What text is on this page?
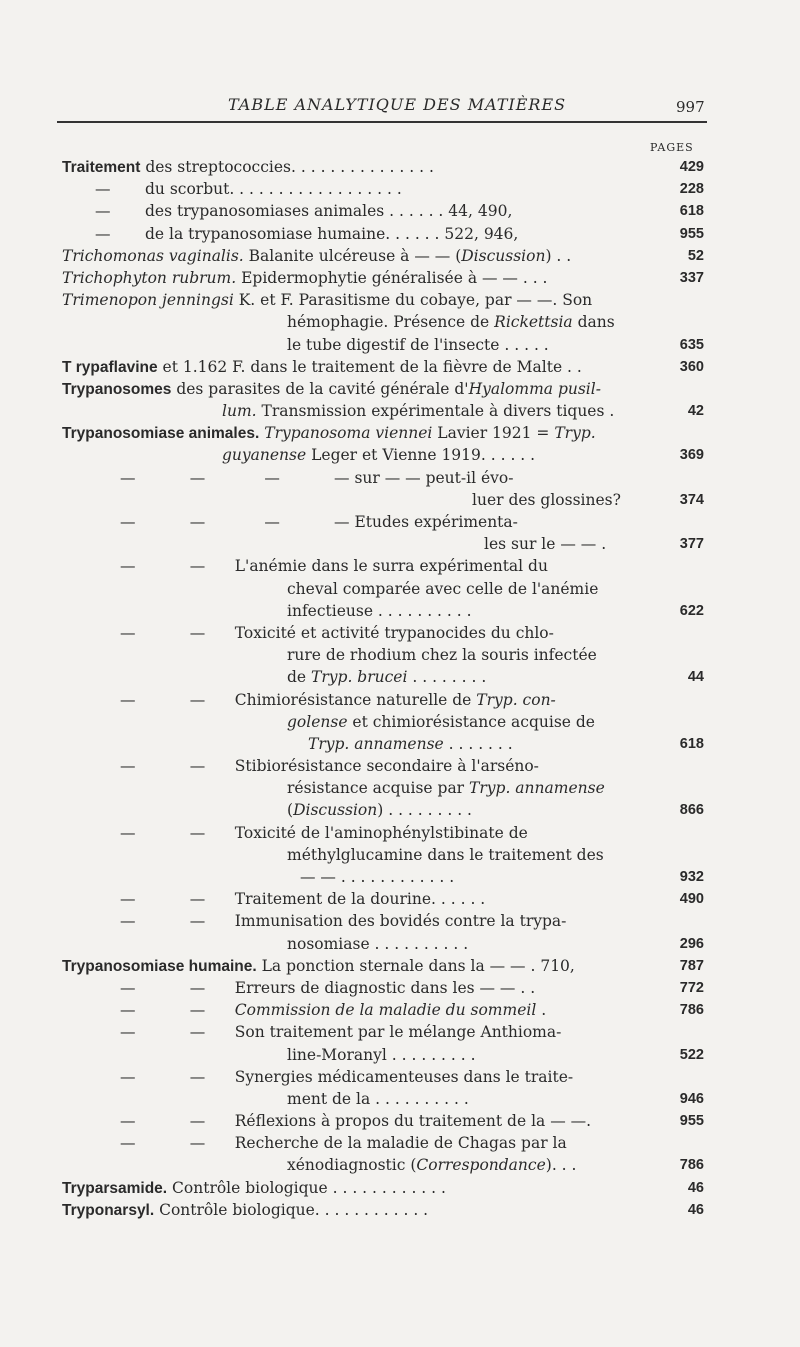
TABLE ANALYTIQUE DES MATIÈRES	997
PAGES
Traitement des streptococcies. . . . . . . . . . . . . . .	429
—       du scorbut. . . . . . . . . . . . . . . . . .	228
—       des trypanosomiases animales . . . . . . 44, 490,	618
—       de la trypanosomiase humaine. . . . . . 522, 946,	955
Trichomonas vaginalis. Balanite ulcéreuse à — — (Discussion) . .	52
Trichophyton rubrum. Epidermophytie généralisée à — — . . .	337
Trimenopon jenningsi K. et F. Parasitisme du cobaye, par — —. Son
hémophagie. Présence de Rickettsia dans
le tube digestif de l'insecte . . . . .	635
T rypaflavine et 1.162 F. dans le traitement de la fièvre de Malte . .	360
Trypanosomes des parasites de la cavité générale d'Hyalomma pusil-
lum. Transmission expérimentale à divers tiques .	42
Trypanosomiase animales. Trypanosoma viennei Lavier 1921 = Tryp.
guyanense Leger et Vienne 1919. . . . . .	369
—           —            —           — sur — — peut-il évo-
luer des glossines?	374
—           —            —           — Etudes expérimenta-
les sur le — — .	377
—           —      L'anémie dans le surra expérimental du
cheval comparée avec celle de l'anémie
infectieuse . . . . . . . . . .	622
—           —      Toxicité et activité trypanocides du chlo-
rure de rhodium chez la souris infectée
de Tryp. brucei . . . . . . . .	44
—           —      Chimiorésistance naturelle de Tryp. con-
golense et chimiorésistance acquise de
Tryp. annamense . . . . . . .	618
—           —      Stibiorésistance secondaire à l'arséno-
résistance acquise par Tryp. annamense
(Discussion) . . . . . . . . .	866
—           —      Toxicité de l'aminophénylstibinate de
méthylglucamine dans le traitement des
— — . . . . . . . . . . . .	932
—           —      Traitement de la dourine. . . . . .	490
—           —      Immunisation des bovidés contre la trypa-
nosomiase . . . . . . . . . .	296
Trypanosomiase humaine. La ponction sternale dans la — — . 710,	787
—           —      Erreurs de diagnostic dans les — — . .	772
—           —      Commission de la maladie du sommeil .	786
—           —      Son traitement par le mélange Anthioma-
line-Moranyl . . . . . . . . .	522
—           —      Synergies médicamenteuses dans le traite-
ment de la . . . . . . . . . .	946
—           —      Réflexions à propos du traitement de la — —.	955
—           —      Recherche de la maladie de Chagas par la
xénodiagnostic (Correspondance). . .	786
Tryparsamide. Contrôle biologique . . . . . . . . . . . .	46
Tryponarsyl. Contrôle biologique. . . . . . . . . . . .	46
